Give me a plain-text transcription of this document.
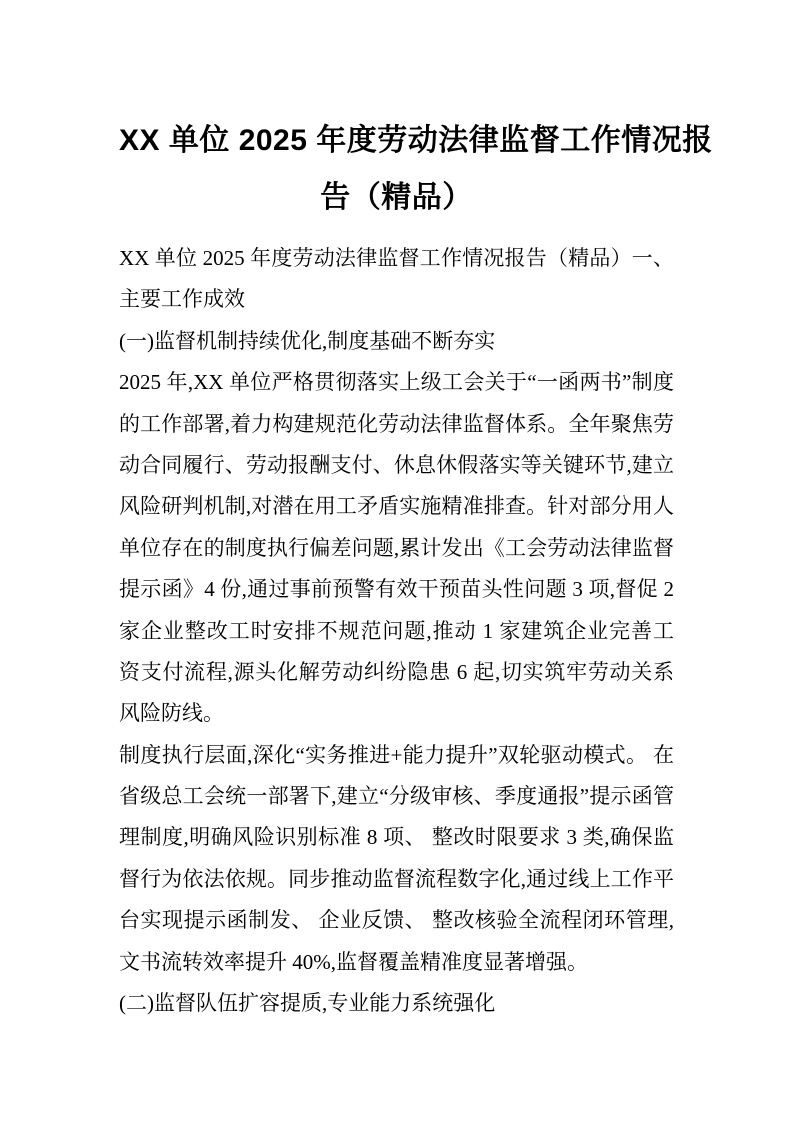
XX 单位 2025 年度劳动法律监督工作情况报
告（精品）
XX 单位 2025 年度劳动法律监督工作情况报告（精品）一、
主要工作成效
(一)监督机制持续优化,制度基础不断夯实
2025 年,XX 单位严格贯彻落实上级工会关于“一函两书”制度
的工作部署,着力构建规范化劳动法律监督体系。全年聚焦劳
动合同履行、劳动报酬支付、休息休假落实等关键环节,建立
风险研判机制,对潜在用工矛盾实施精准排查。针对部分用人
单位存在的制度执行偏差问题,累计发出《工会劳动法律监督
提示函》4 份,通过事前预警有效干预苗头性问题 3 项,督促 2
家企业整改工时安排不规范问题,推动 1 家建筑企业完善工
资支付流程,源头化解劳动纠纷隐患 6 起,切实筑牢劳动关系
风险防线。
制度执行层面,深化“实务推进+能力提升”双轮驱动模式。 在
省级总工会统一部署下,建立“分级审核、季度通报”提示函管
理制度,明确风险识别标准 8 项、 整改时限要求 3 类,确保监
督行为依法依规。同步推动监督流程数字化,通过线上工作平
台实现提示函制发、 企业反馈、 整改核验全流程闭环管理,
文书流转效率提升 40%,监督覆盖精准度显著增强。
(二)监督队伍扩容提质,专业能力系统强化
